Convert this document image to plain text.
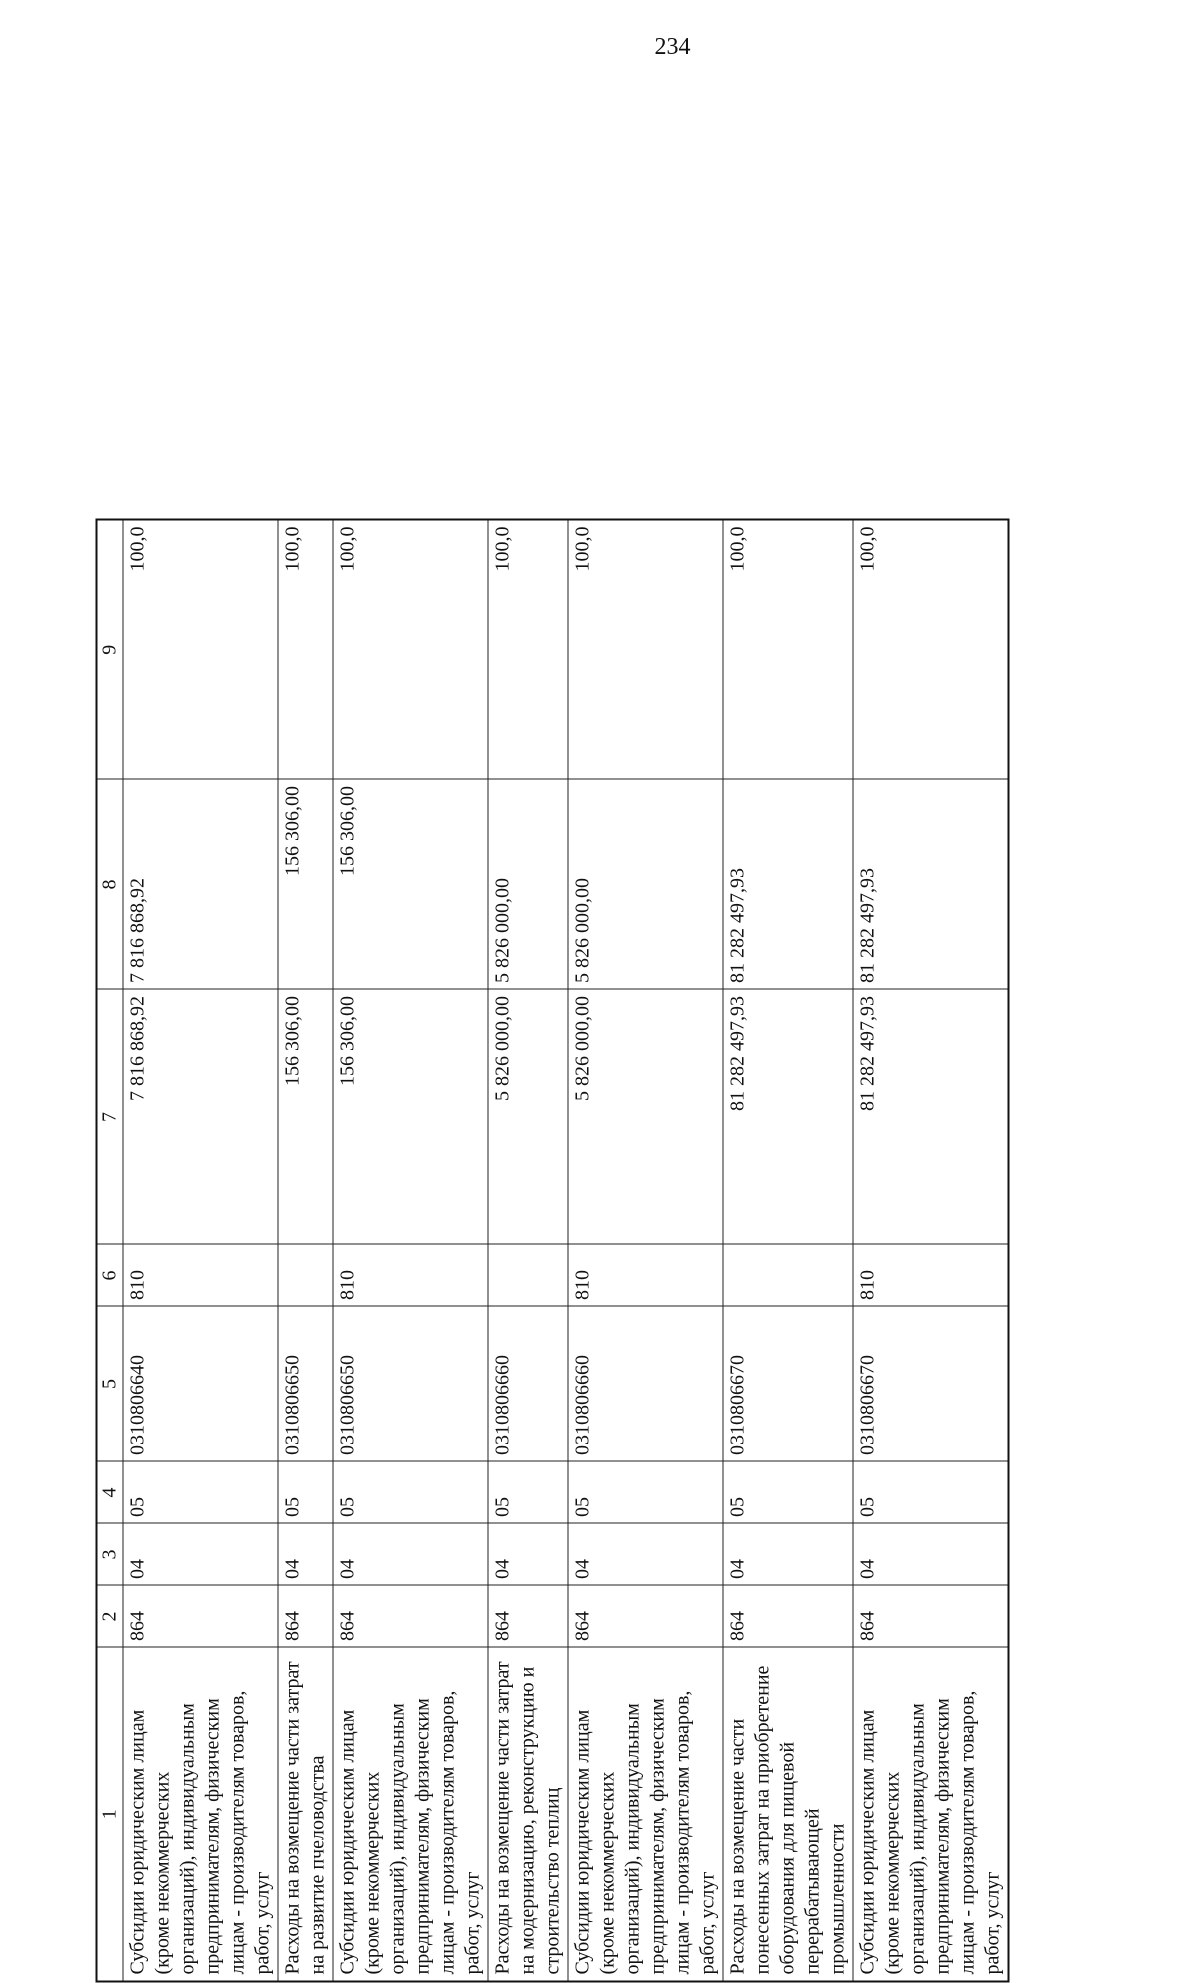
234
1	2	3	4	5	6	7	8	9
Субсидии юридическим лицам (кроме некоммерческих организаций), индивидуальным предпринимателям, физическим лицам - производителям товаров, работ, услуг	864	04	05	0310806640	810	7 816 868,92	7 816 868,92	100,0
Расходы на возмещение части затрат на развитие пчеловодства	864	04	05	0310806650		156 306,00	156 306,00	100,0
Субсидии юридическим лицам (кроме некоммерческих организаций), индивидуальным предпринимателям, физическим лицам - производителям товаров, работ, услуг	864	04	05	0310806650	810	156 306,00	156 306,00	100,0
Расходы на возмещение части затрат на модернизацию, реконструкцию и строительство теплиц	864	04	05	0310806660		5 826 000,00	5 826 000,00	100,0
Субсидии юридическим лицам (кроме некоммерческих организаций), индивидуальным предпринимателям, физическим лицам - производителям товаров, работ, услуг	864	04	05	0310806660	810	5 826 000,00	5 826 000,00	100,0
Расходы на возмещение части понесенных затрат на приобретение оборудования для пищевой перерабатывающей промышленности	864	04	05	0310806670		81 282 497,93	81 282 497,93	100,0
Субсидии юридическим лицам (кроме некоммерческих организаций), индивидуальным предпринимателям, физическим лицам - производителям товаров, работ, услуг	864	04	05	0310806670	810	81 282 497,93	81 282 497,93	100,0
